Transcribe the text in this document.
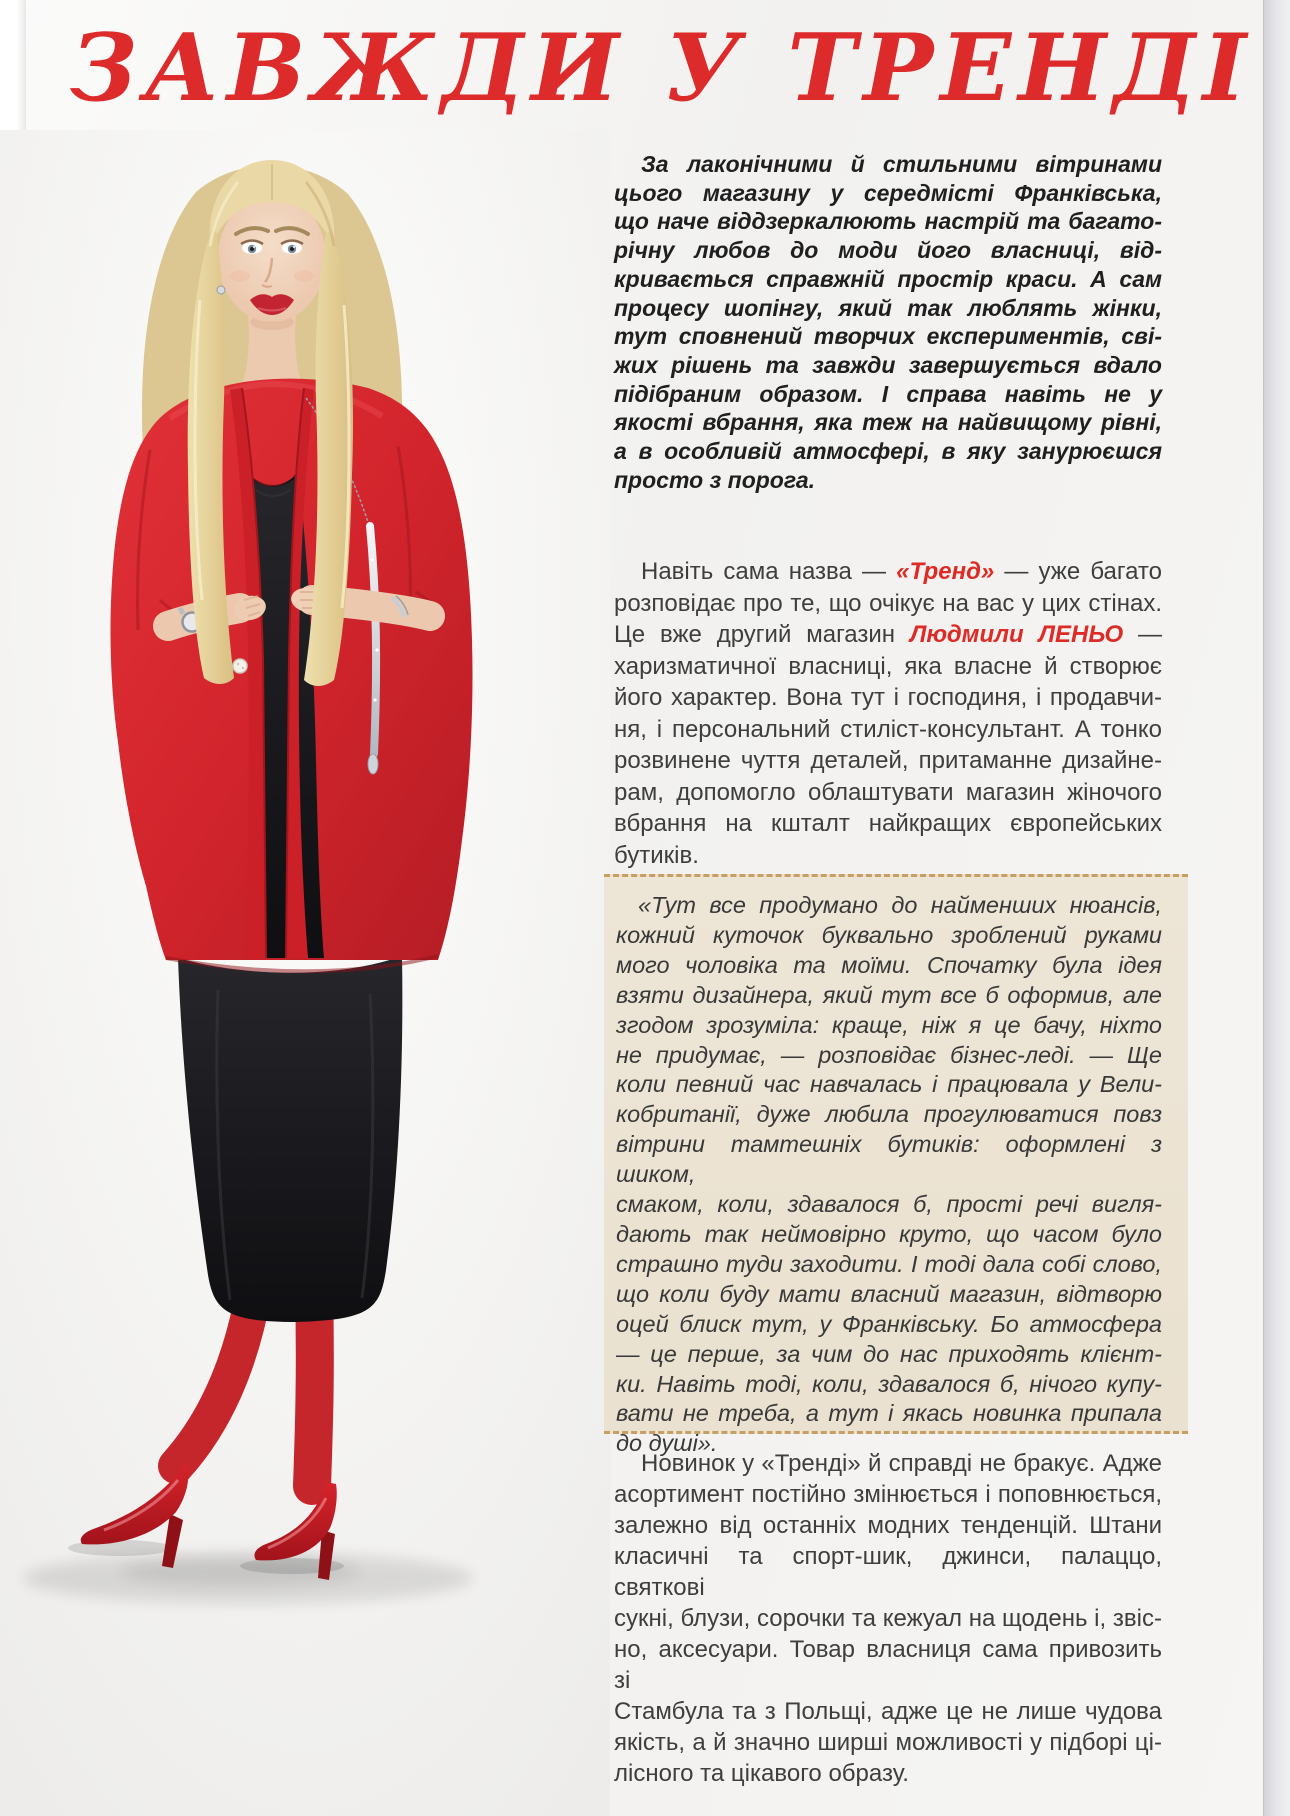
ЗАВЖДИ У ТРЕНДІ
За лаконічними й стильними вітринами
цього магазину у середмісті Франківська,
що наче віддзеркалюють настрій та багато-
річну любов до моди його власниці, від-
кривається справжній простір краси. А сам
процесу шопінгу, який так люблять жінки,
тут сповнений творчих експериментів, сві-
жих рішень та завжди завершується вдало
підібраним образом. І справа навіть не у
якості вбрання, яка теж на найвищому рівні,
а в особливій атмосфері, в яку занурюєшся
просто з порога.
Навіть сама назва — «Тренд» — уже багато
розповідає про те, що очікує на вас у цих стінах.
Це вже другий магазин Людмили ЛЕНЬО —
харизматичної власниці, яка власне й створює
його характер. Вона тут і господиня, і продавчи-
ня, і персональний стиліст-консультант. А тонко
розвинене чуття деталей, притаманне дизайне-
рам, допомогло облаштувати магазин жіночого
вбрання на кшталт найкращих європейських
бутиків.
«Тут все продумано до найменших нюансів,
кожний куточок буквально зроблений руками
мого чоловіка та моїми. Спочатку була ідея
взяти дизайнера, який тут все б оформив, але
згодом зрозуміла: краще, ніж я це бачу, ніхто
не придумає, — розповідає бізнес-леді. — Ще
коли певний час навчалась і працювала у Вели-
кобританії, дуже любила прогулюватися повз
вітрини тамтешніх бутиків: оформлені з шиком,
смаком, коли, здавалося б, прості речі вигля-
дають так неймовірно круто, що часом було
страшно туди заходити. І тоді дала собі слово,
що коли буду мати власний магазин, відтворю
оцей блиск тут, у Франківську. Бо атмосфера
— це перше, за чим до нас приходять клієнт-
ки. Навіть тоді, коли, здавалося б, нічого купу-
вати не треба, а тут і якась новинка припала
до душі».
Новинок у «Тренді» й справді не бракує. Адже
асортимент постійно змінюється і поповнюється,
залежно від останніх модних тенденцій. Штани
класичні та спорт-шик, джинси, палаццо, святкові
сукні, блузи, сорочки та кежуал на щодень і, звіс-
но, аксесуари. Товар власниця сама привозить зі
Стамбула та з Польщі, адже це не лише чудова
якість, а й значно ширші можливості у підборі ці-
лісного та цікавого образу.
